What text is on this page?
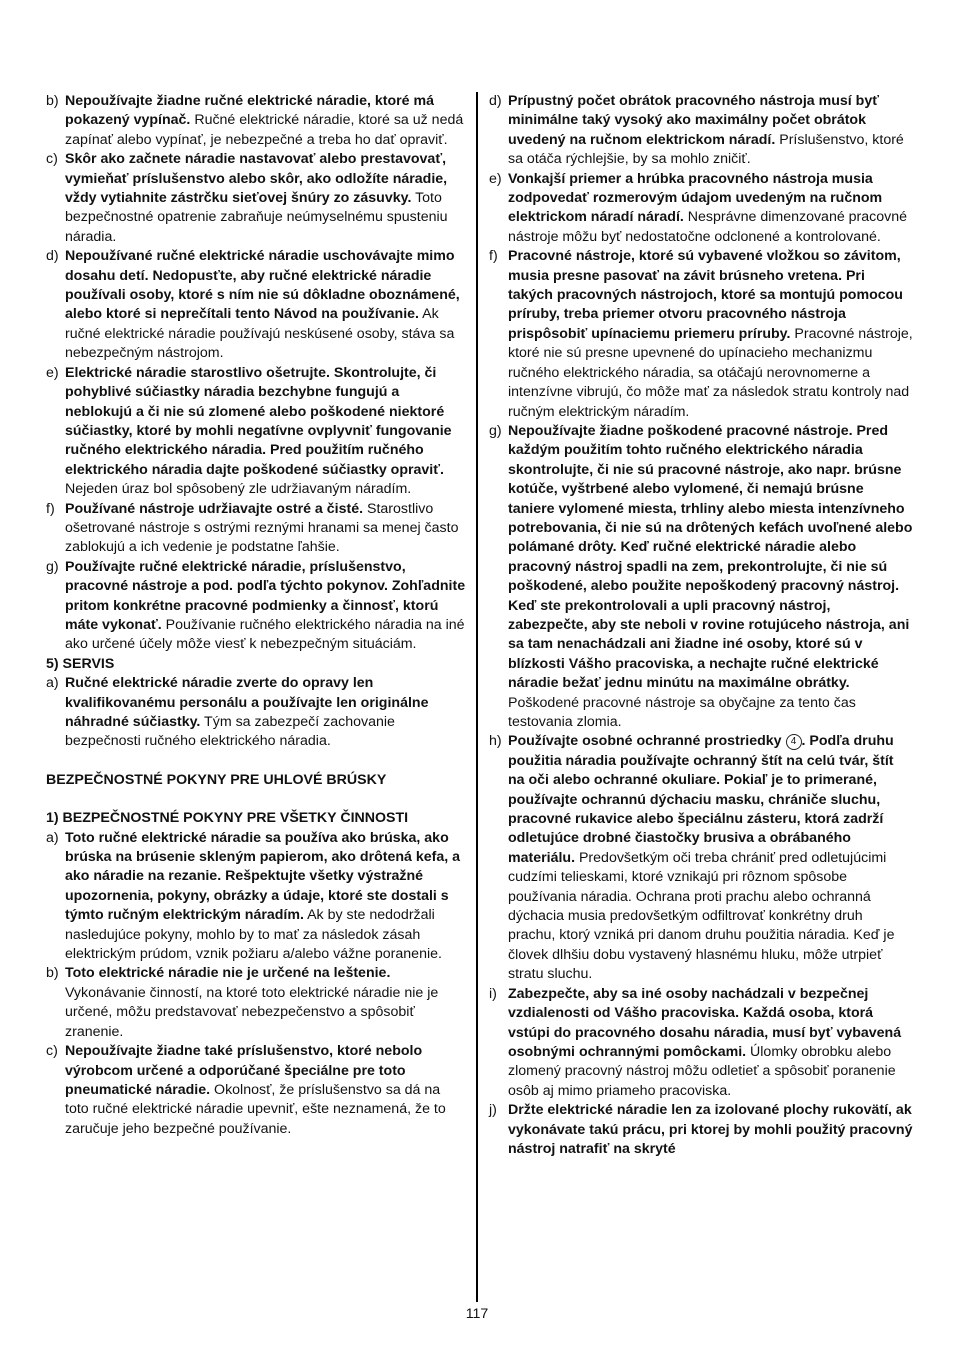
b) Nepoužívajte žiadne ručné elektrické náradie, ktoré má pokazený vypínač. Ručné elektrické náradie, ktoré sa už nedá zapínať alebo vypínať, je nebezpečné a treba ho dať opraviť.
c) Skôr ako začnete náradie nastavovať alebo prestavovať, vymieňať príslušenstvo alebo skôr, ako odložíte náradie, vždy vytiahnite zástrčku sieťovej šnúry zo zásuvky. Toto bezpečnostné opatrenie zabraňuje neúmyselnému spusteniu náradia.
d) Nepoužívané ručné elektrické náradie uschovávajte mimo dosahu detí. Nedopusťte, aby ručné elektrické náradie používali osoby, ktoré s ním nie sú dôkladne oboznámené, alebo ktoré si neprečítali tento Návod na používanie. Ak ručné elektrické náradie používajú neskúsené osoby, stáva sa nebezpečným nástrojom.
e) Elektrické náradie starostlivo ošetrujte. Skontrolujte, či pohyblivé súčiastky náradia bezchybne fungujú a neblokujú a či nie sú zlomené alebo poškodené niektoré súčiastky, ktoré by mohli negatívne ovplyvniť fungovanie ručného elektrického náradia. Pred použitím ručného elektrického náradia dajte poškodené súčiastky opraviť. Nejeden úraz bol spôsobený zle udržiavaným náradím.
f) Používané nástroje udržiavajte ostré a čisté. Starostlivo ošetrované nástroje s ostrými reznými hranami sa menej často zablokujú a ich vedenie je podstatne ľahšie.
g) Používajte ručné elektrické náradie, príslušenstvo, pracovné nástroje a pod. podľa týchto pokynov. Zohľadnite pritom konkrétne pracovné podmienky a činnosť, ktorú máte vykonať. Používanie ručného elektrického náradia na iné ako určené účely môže viesť k nebezpečným situáciám.
5) SERVIS
a) Ručné elektrické náradie zverte do opravy len kvalifikovanému personálu a používajte len originálne náhradné súčiastky. Tým sa zabezpečí zachovanie bezpečnosti ručného elektrického náradia.
BEZPEČNOSTNÉ POKYNY PRE UHLOVÉ BRÚSKY
1) BEZPEČNOSTNÉ POKYNY PRE VŠETKY ČINNOSTI
a) Toto ručné elektrické náradie sa používa ako brúska, ako brúska na brúsenie skleným papierom, ako drôtená kefa, a ako náradie na rezanie. Rešpektujte všetky výstražné upozornenia, pokyny, obrázky a údaje, ktoré ste dostali s týmto ručným elektrickým náradím. Ak by ste nedodržali nasledujúce pokyny, mohlo by to mať za následok zásah elektrickým prúdom, vznik požiaru a/alebo vážne poranenie.
b) Toto elektrické náradie nie je určené na leštenie. Vykonávanie činností, na ktoré toto elektrické náradie nie je určené, môžu predstavovať nebezpečenstvo a spôsobiť zranenie.
c) Nepoužívajte žiadne také príslušenstvo, ktoré nebolo výrobcom určené a odporúčané špeciálne pre toto pneumatické náradie. Okolnosť, že príslušenstvo sa dá na toto ručné elektrické náradie upevniť, ešte neznamená, že to zaručuje jeho bezpečné používanie.
d) Prípustný počet obrátok pracovného nástroja musí byť minimálne taký vysoký ako maximálny počet obrátok uvedený na ručnom elektrickom náradí. Príslušenstvo, ktoré sa otáča rýchlejšie, by sa mohlo zničiť.
e) Vonkajší priemer a hrúbka pracovného nástroja musia zodpovedať rozmerovým údajom uvedeným na ručnom elektrickom náradí náradí. Nesprávne dimenzované pracovné nástroje môžu byť nedostatočne odclonené a kontrolované.
f) Pracovné nástroje, ktoré sú vybavené vložkou so závitom, musia presne pasovať na závit brúsneho vretena. Pri takých pracovných nástrojoch, ktoré sa montujú pomocou príruby, treba priemer otvoru pracovného nástroja prispôsobiť upínaciemu priemeru príruby. Pracovné nástroje, ktoré nie sú presne upevnené do upínacieho mechanizmu ručného elektrického náradia, sa otáčajú nerovnomerne a intenzívne vibrujú, čo môže mať za následok stratu kontroly nad ručným elektrickým náradím.
g) Nepoužívajte žiadne poškodené pracovné nástroje. Pred každým použitím tohto ručného elektrického náradia skontrolujte, či nie sú pracovné nástroje, ako napr. brúsne kotúče, vyštrbené alebo vylomené, či nemajú brúsne taniere vylomené miesta, trhliny alebo miesta intenzívneho potrebovania, či nie sú na drôtených kefách uvoľnené alebo polámané drôty. Keď ručné elektrické náradie alebo pracovný nástroj spadli na zem, prekontrolujte, či nie sú poškodené, alebo použite nepoškodený pracovný nástroj. Keď ste prekontrolovali a upli pracovný nástroj, zabezpečte, aby ste neboli v rovine rotujúceho nástroja, ani sa tam nenachádzali ani žiadne iné osoby, ktoré sú v blízkosti Vášho pracoviska, a nechajte ručné elektrické náradie bežať jednu minútu na maximálne obrátky. Poškodené pracovné nástroje sa obyčajne za tento čas testovania zlomia.
h) Používajte osobné ochranné prostriedky 4 . Podľa druhu použitia náradia používajte ochranný štít na celú tvár, štít na oči alebo ochranné okuliare. Pokiaľ je to primerané, používajte ochrannú dýchaciu masku, chrániče sluchu, pracovné rukavice alebo špeciálnu zásteru, ktorá zadrží odletujúce drobné čiastočky brusiva a obrábaného materiálu. Predovšetkým oči treba chrániť pred odletujúcimi cudzími telieskami, ktoré vznikajú pri rôznom spôsobe používania náradia. Ochrana proti prachu alebo ochranná dýchacia musia predovšetkým odfiltrovať konkrétny druh prachu, ktorý vzniká pri danom druhu použitia náradia. Keď je človek dlhšiu dobu vystavený hlasnému hluku, môže utrpieť stratu sluchu.
i) Zabezpečte, aby sa iné osoby nachádzali v bezpečnej vzdialenosti od Vášho pracoviska. Každá osoba, ktorá vstúpi do pracovného dosahu náradia, musí byť vybavená osobnými ochrannými pomôckami. Úlomky obrobku alebo zlomený pracovný nástroj môžu odletieť a spôsobiť poranenie osôb aj mimo priameho pracoviska.
j) Držte elektrické náradie len za izolované plochy rukovätí, ak vykonávate takú prácu, pri ktorej by mohli použitý pracovný nástroj natrafiť na skryté
117
